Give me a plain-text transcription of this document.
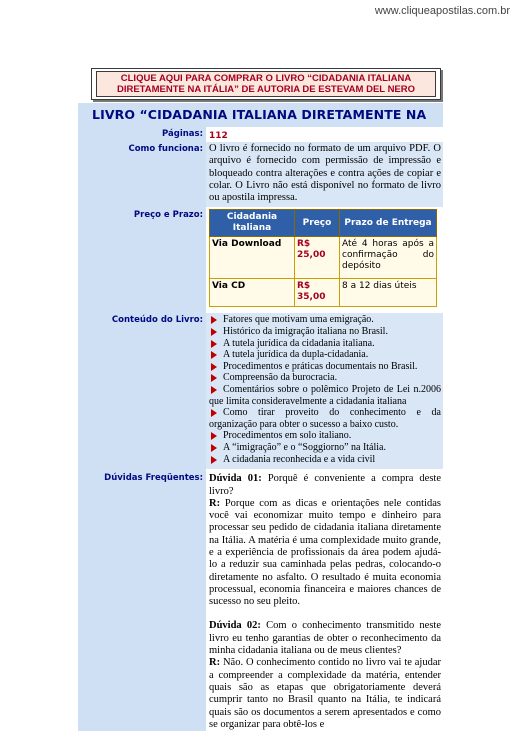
www.cliqueapostilas.com.br
CLIQUE AQUI PARA COMPRAR O LIVRO “CIDADANIA ITALIANA
DIRETAMENTE NA ITÁLIA” DE AUTORIA DE ESTEVAM DEL NERO
LIVRO “CIDADANIA ITALIANA DIRETAMENTE NA
Páginas: 112
Como funciona: O livro é fornecido no formato de um arquivo PDF. O arquivo é fornecido com permissão de impressão e bloqueado contra alterações e contra ações de copiar e colar. O Livro não está disponível no formato de livro ou apostila impressa.
Preço e Prazo:	Cidadania Italiana	Preço	Prazo de Entrega
Via Download	R$ 25,00	Até 4 horas após a confirmação do depósito
Via CD	R$ 35,00	8 a 12 dias úteis
Conteúdo do Livro:	Fatores que motivam uma emigração.
Histórico da imigração italiana no Brasil.
A tutela jurídica da cidadania italiana.
A tutela jurídica da dupla-cidadania.
Procedimentos e práticas documentais no Brasil.
Compreensão da burocracia.
Comentários sobre o polêmico Projeto de Lei n.2006 que limita consideravelmente a cidadania italiana
Como tirar proveito do conhecimento e da organização para obter o sucesso a baixo custo.
Procedimentos em solo italiano.
A “imigração” e o “Soggiorno” na Itália.
A cidadania reconhecida e a vida civil
Dúvidas Freqüentes: Dúvida 01: Porquê é conveniente a compra deste livro?

R: Porque com as dicas e orientações nele contidas você vai economizar muito tempo e dinheiro para processar seu pedido de cidadania italiana diretamente na Itália. A matéria é uma complexidade muito grande, e a experiência de profissionais da área podem ajudá-lo a reduzir sua caminhada pelas pedras, colocando-o diretamente no asfalto. O resultado é muita economia processual, economia financeira e maiores chances de sucesso no seu pleito.

Dúvida 02: Com o conhecimento transmitido neste livro eu tenho garantias de obter o reconhecimento da minha cidadania italiana ou de meus clientes?

R: Não. O conhecimento contido no livro vai te ajudar a compreender a complexidade da matéria, entender quais são as etapas que obrigatoriamente deverá cumprir tanto no Brasil quanto na Itália, te indicará quais são os documentos a serem apresentados e como se organizar para obtê-los e
